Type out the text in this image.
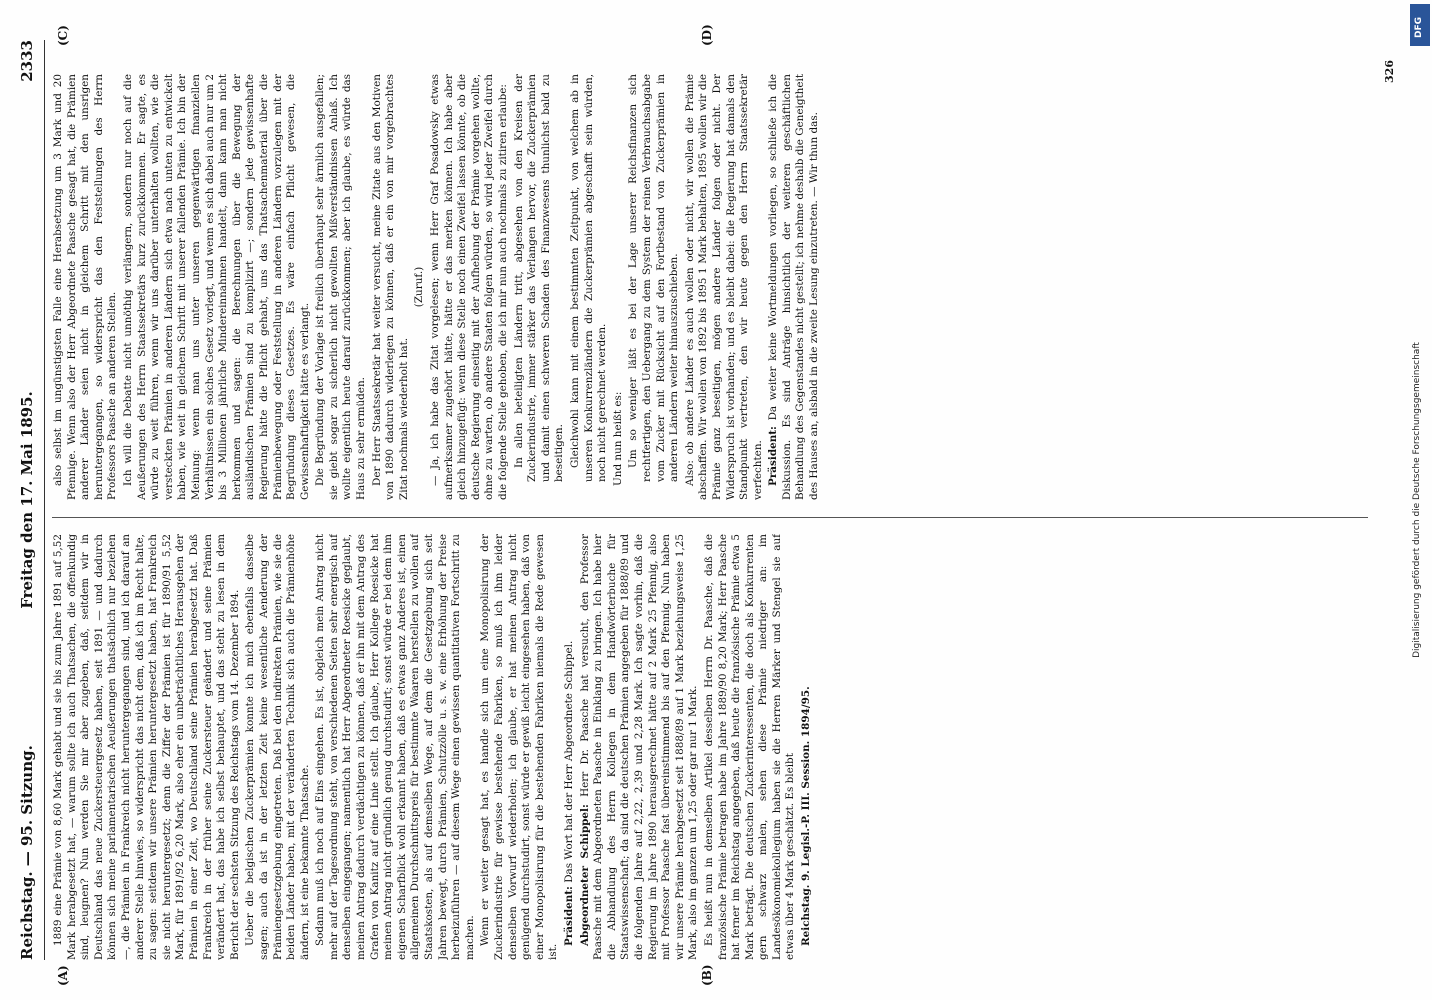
Reichstag. — 95. Sitzung.
Freitag den 17. Mai 1895.
2333
(A)	(B)
(C)	(D)

1889 eine Prämie von 8,60 Mark gehabt und sie bis zum Jahre 1891 auf 5,52 Mark herabgesetzt hat, — warum sollte ich auch Thatsachen, die offenkundig sind, leugnen? Nun werden Sie mir aber zugeben, daß, seitdem wir in Deutschland das neue Zuckersteuergesetz haben, seit 1891 — und dadurch können sich meine parlamentarischen Aeußerungen thatsächlich nur beziehen —, die Prämien in Frankreich nicht heruntergegangen sind, und ich darauf an anderer Stelle hinwies, so widerspricht das nicht dem, daß ich im Recht halte, zu sagen: seitdem wir unsere Prämien heruntergesetzt haben, hat Frankreich sie nicht heruntergesetzt; denn die Ziffer der Prämien ist für 1890/91 5,52 Mark, für 1891/92 6,20 Mark, also eher ein unbeträchtliches Herausgehen der Prämien in einer Zeit, wo Deutschland seine Prämien herabgesetzt hat. Daß Frankreich in der früher seine Zuckersteuer geändert und seine Prämien verändert hat, das habe ich selbst behauptet, und das steht zu lesen in dem Bericht der sechsten Sitzung des Reichstags vom 14. Dezember 1894. Ueber die belgischen Zuckerprämien konnte ich mich ebenfalls dasselbe sagen; auch da ist in der letzten Zeit keine wesentliche Aenderung der Prämiengesetzgebung eingetreten. Daß bei den indirekten Prämien, wie sie die beiden Länder haben, mit der veränderten Technik sich auch die Prämienhöhe ändern, ist eine bekannte Thatsache. Sodann muß ich noch auf Eins eingehen. Es ist, obgleich mein Antrag nicht mehr auf der Tagesordnung steht, von verschiedenen Seiten sehr energisch auf denselben eingegangen; namentlich hat Herr Abgeordneter Roesicke geglaubt, meinen Antrag dadurch verdächtigen zu können, daß er ihn mit dem Antrag des Grafen von Kanitz auf eine Linie stellt. Ich glaube, Herr Kollege Roesicke hat meinen Antrag nicht gründlich genug durchstudirt; sonst würde er bei dem ihm eigenen Scharfblick wohl erkannt haben, daß es etwas ganz Anderes ist, einen allgemeinen Durchschnittspreis für bestimmte Waaren herstellen zu wollen auf Staatskosten, als auf demselben Wege, auf dem die Gesetzgebung sich seit Jahren bewegt, durch Prämien, Schutzzölle u. s. w. eine Erhöhung der Preise herbeizuführen — auf diesem Wege einen gewissen quantitativen Fortschritt zu machen. Wenn er weiter gesagt hat, es handle sich um eine Monopolisirung der Zuckerindustrie für gewisse bestehende Fabriken, so muß ich ihm leider denselben Vorwurf wiederholen; ich glaube, er hat meinen Antrag nicht genügend durchstudirt, sonst würde er gewiß leicht eingesehen haben, daß von einer Monopolisirung für die bestehenden Fabriken niemals die Rede gewesen ist.

Präsident: Das Wort hat der Herr Abgeordnete Schippel. Abgeordneter Schippel: Herr Dr. Paasche hat versucht, den Professor Paasche mit dem Abgeordneten Paasche in Einklang zu bringen. Ich habe hier die Abhandlung des Herrn Kollegen in dem Handwörterbuche für Staatswissenschaft; da sind die deutschen Prämien angegeben für 1888/89 und die folgenden Jahre auf 2,22, 2,39 und 2,28 Mark. Ich sagte vorhin, daß die Regierung im Jahre 1890 herausgerechnet hätte auf 2 Mark 25 Pfennig, also mit Professor Paasche fast übereinstimmend bis auf den Pfennig. Nun haben wir unsere Prämie herabgesetzt seit 1888/89 auf 1 Mark beziehungsweise 1,25 Mark, also im ganzen um 1,25 oder gar nur 1 Mark. Es heißt nun in demselben Artikel desselben Herrn Dr. Paasche, daß die französische Prämie betragen habe im Jahre 1889/90 8,20 Mark; Herr Paasche hat ferner im Reichstag angegeben, daß heute die französische Prämie etwa 5 Mark beträgt. Die deutschen Zuckerinteressenten, die doch als Konkurrenten gern schwarz malen, sehen diese Prämie niedriger an: im Landesökonomiekollegium haben sie die Herren Märker und Stengel sie auf etwas über 4 Mark geschätzt. Es bleibt Reichstag. 9. Legisl.-P. III. Session. 1894/95.

also selbst im ungünstigsten Falle eine Herabsetzung um 3 Mark und 20 Pfennige. Wenn also der Herr Abgeordnete Paasche gesagt hat, die Prämien anderer Länder seien nicht in gleichem Schritt mit den unsrigen heruntergegangen, so widerspricht das den Feststellungen des Herrn Professors Paasche an anderen Stellen. Ich will die Debatte nicht unnöthig verlängern, sondern nur noch auf die Aeußerungen des Herrn Staatssekretärs kurz zurückkommen. Er sagte, es würde zu weit führen, wenn wir uns darüber unterhalten wollten, wie die versteckten Prämien in anderen Ländern sich etwa nach unten zu entwickelt haben, wie weit in gleichem Schritt mit unserer fallenden Prämie. Ich bin der Meinung: wenn man uns unter unseren gegenwärtigen finanziellen Verhältnissen ein solches Gesetz vorlegt, und wenn es sich dabei auch nur um 2 bis 3 Millionen jährliche Mindereinnahmen handelt, dann kann man nicht herkommen und sagen: die Berechnungen über die Bewegung der ausländischen Prämien sind zu komplizirt —; sondern jede gewissenhafte Regierung hätte die Pflicht gehabt, uns das Thatsachenmaterial über die Prämienbewegung oder Feststellung in anderen Ländern vorzulegen mit der Begründung dieses Gesetzes. Es wäre einfach Pflicht gewesen, die Gewissenhaftigkeit hätte es verlangt. Die Begründung der Vorlage ist freilich überhaupt sehr ärmlich ausgefallen; sie giebt sogar zu sicherlich nicht gewollten Mißverständnissen Anlaß. Ich wollte eigentlich heute darauf zurückkommen; aber ich glaube, es würde das Haus zu sehr ermüden. Der Herr Staatssekretär hat weiter versucht, meine Zitate aus den Motiven von 1890 dadurch widerlegen zu können, daß er ein von mir vorgebrachtes Zitat nochmals wiederholt hat.

(Zuruf.) — Ja, ich habe das Zitat vorgelesen; wenn Herr Graf Posadowsky etwas aufmerksamer zugehört hätte, hätte er das merken können. Ich habe aber gleich hinzugefügt: wenn diese Stelle noch einen Zweifel lassen könnte, ob die deutsche Regierung einseitig mit der Aufhebung der Prämie vorgehen wollte, ohne zu warten, ob andere Staaten folgen würden, so wird jeder Zweifel durch die folgende Stelle gehoben, die ich mir nun auch nochmals zu zitiren erlaube: In allen beteiligten Ländern tritt, abgesehen von den Kreisen der Zuckerindustrie, immer stärker das Verlangen hervor, die Zuckerprämien und damit einen schweren Schaden des Finanzwesens thunlichst bald zu beseitigen. Gleichwohl kann mit einem bestimmten Zeitpunkt, von welchem ab in unseren Konkurrenzländern die Zuckerprämien abgeschafft sein würden, noch nicht gerechnet werden. Und nun heißt es: Um so weniger läßt es bei der Lage unserer Reichsfinanzen sich rechtfertigen, den Uebergang zu dem System der reinen Verbrauchsabgabe vom Zucker mit Rücksicht auf den Fortbestand von Zuckerprämien in anderen Ländern weiter hinauszuschieben. Also: ob andere Länder es auch wollen oder nicht, wir wollen die Prämie abschaffen. Wir wollen von 1892 bis 1895 1 Mark behalten, 1895 wollen wir die Prämie ganz beseitigen, mögen andere Länder folgen oder nicht. Der Widerspruch ist vorhanden; und es bleibt dabei: die Regierung hat damals den Standpunkt vertreten, den wir heute gegen den Herrn Staatssekretär verfechten. Präsident: Da weiter keine Wortmeldungen vorliegen, so schließe ich die Diskussion. Es sind Anträge hinsichtlich der weiteren geschäftlichen Behandlung des Gegenstandes nicht gestellt; ich nehme deshalb die Geneigtheit des Hauses an, alsbald in die zweite Lesung einzutreten. — Wir thun das.

326
Digitalisierung gefördert durch die Deutsche Forschungsgemeinschaft
DFG
